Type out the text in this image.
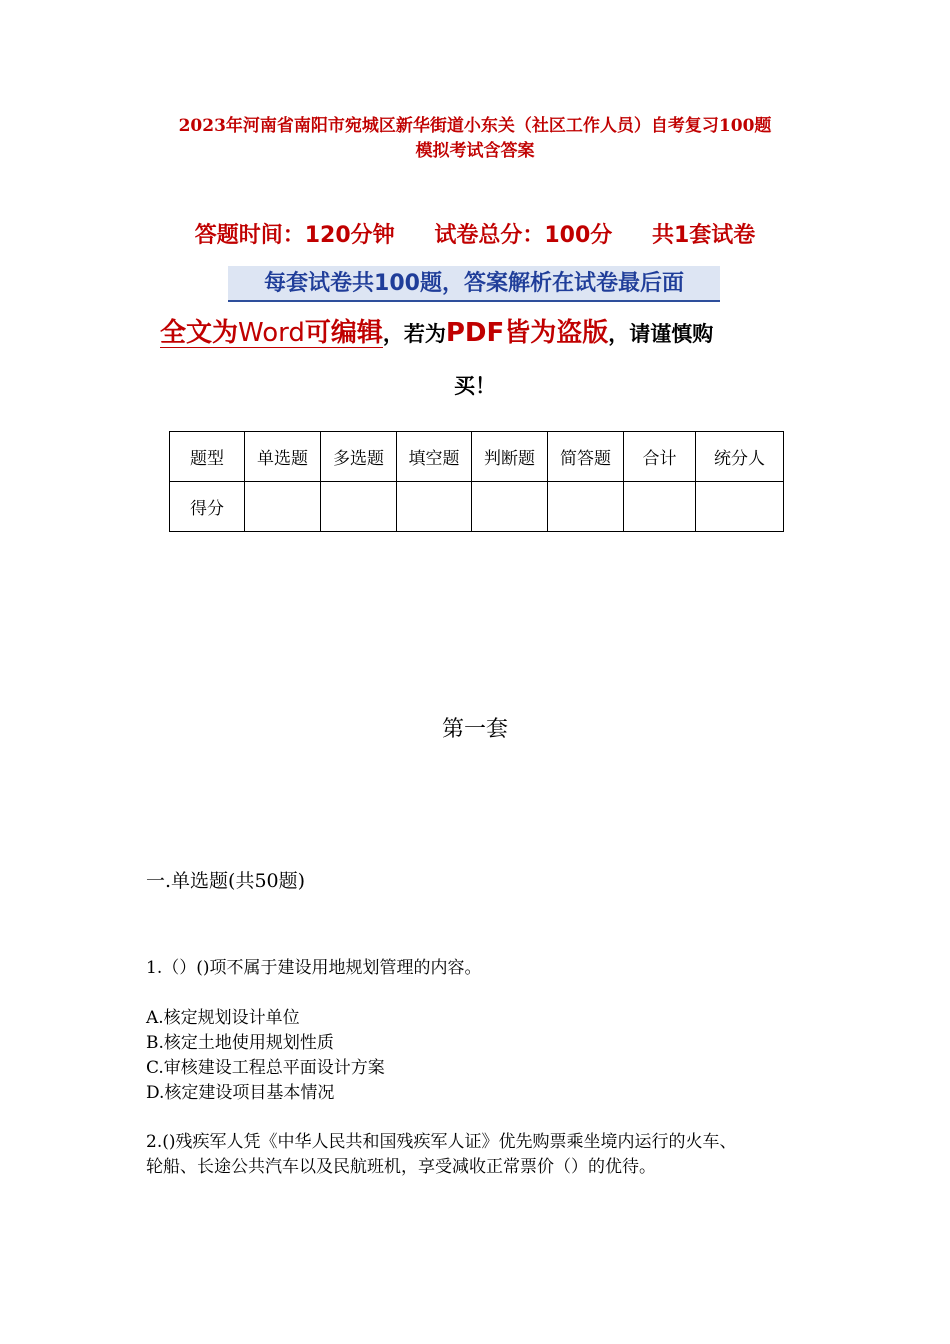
2023年河南省南阳市宛城区新华街道小东关（社区工作人员）自考复习100题
模拟考试含答案
答题时间：120分钟 试卷总分：100分 共1套试卷
每套试卷共100题，答案解析在试卷最后面
全文为Word可编辑，若为PDF皆为盗版，请谨慎购
买！
题型	单选题	多选题	填空题	判断题	简答题	合计	统分人
得分							
第一套
一.单选题(共50题)
1.（）()项不属于建设用地规划管理的内容。
A.核定规划设计单位
B.核定土地使用规划性质
C.审核建设工程总平面设计方案
D.核定建设项目基本情况
2.()残疾军人凭《中华人民共和国残疾军人证》优先购票乘坐境内运行的火车、
轮船、长途公共汽车以及民航班机，享受减收正常票价（）的优待。
